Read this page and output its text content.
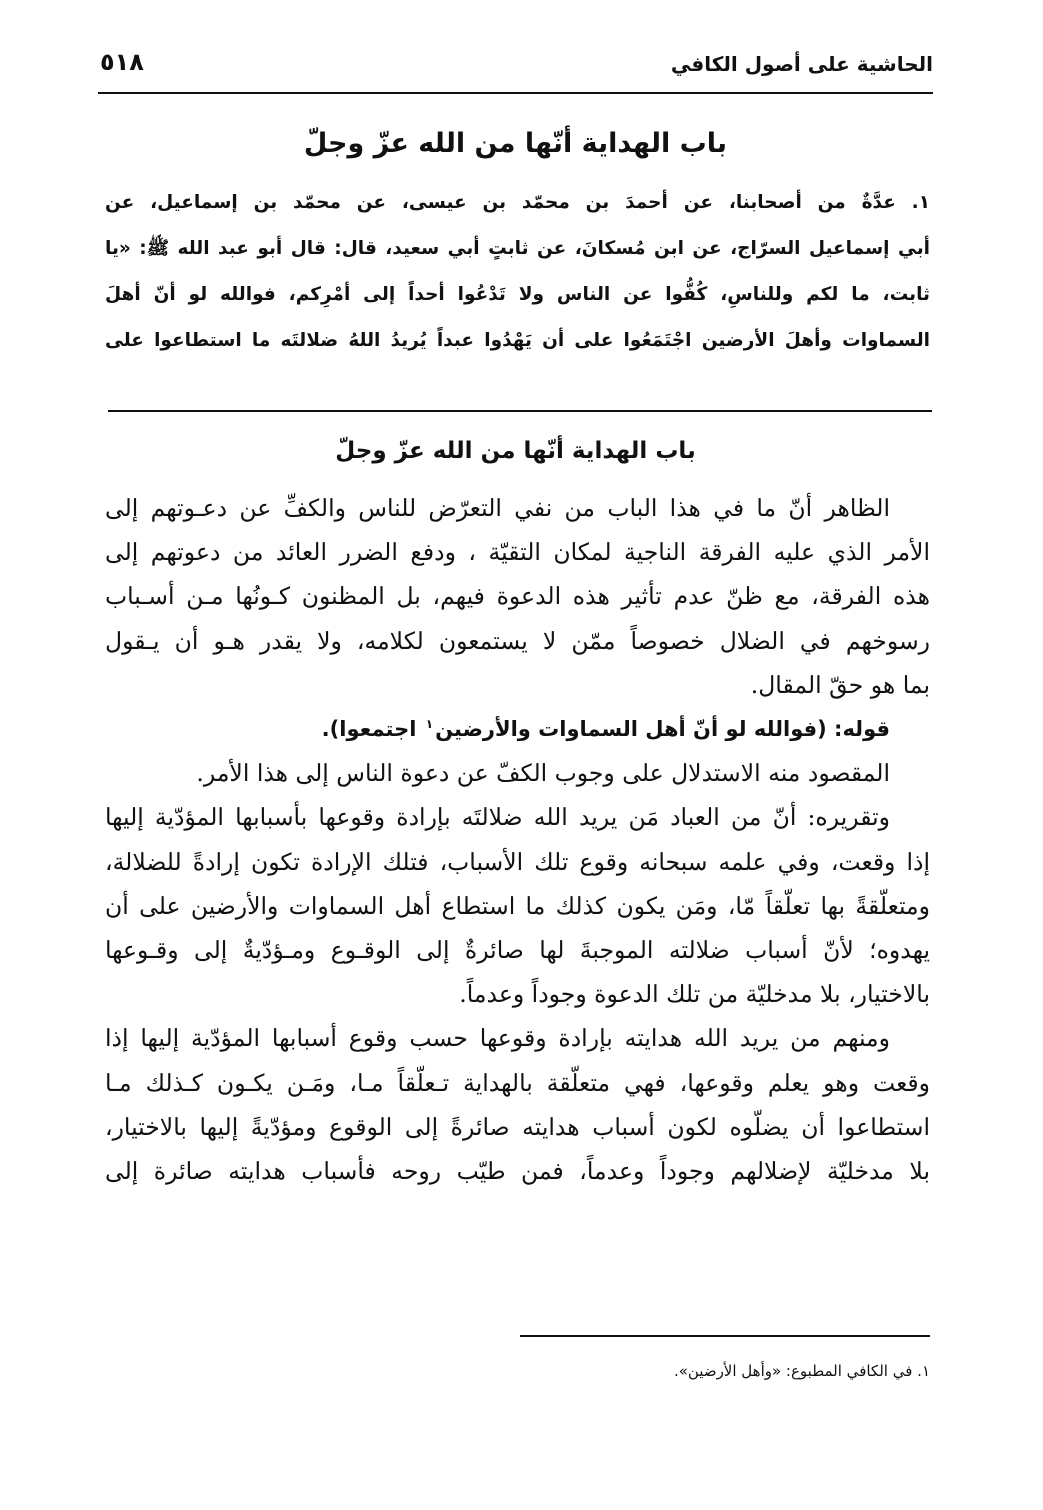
الحاشية على أصول الكافي
٥١٨
باب الهداية أنّها من الله عزّ وجلّ
١. عدَّةٌ من أصحابنا، عن أحمدَ بن محمّد بن عيسى، عن محمّد بن إسماعيل، عن
أبي إسماعيل السرّاج، عن ابن مُسكانَ، عن ثابتٍ أبي سعيد، قال: قال أبو عبد الله ﷺ: «يا
ثابت، ما لكم وللناسِ، كُفُّوا عن الناس ولا تَدْعُوا أحداً إلى أمْرِكم، فوالله لو أنّ أهلَ
السماوات وأهلَ الأرضين اجْتَمَعُوا على أن يَهْدُوا عبداً يُريدُ اللهُ ضلالتَه ما استطاعوا على
باب الهداية أنّها من الله عزّ وجلّ
الظاهر أنّ ما في هذا الباب من نفي التعرّض للناس والكفِّ عن دعـوتهم إلى
الأمر الذي عليه الفرقة الناجية لمكان التقيّة ، ودفع الضرر العائد من دعوتهم إلى
هذه الفرقة، مع ظنّ عدم تأثير هذه الدعوة فيهم، بل المظنون كـونُها مـن أسـباب
رسوخهم في الضلال خصوصاً ممّن لا يستمعون لكلامه، ولا يقدر هـو أن يـقول
بما هو حقّ المقال.
قوله: (فوالله لو أنّ أهل السماوات والأرضين$^١$ اجتمعوا).
المقصود منه الاستدلال على وجوب الكفّ عن دعوة الناس إلى هذا الأمر.
وتقريره: أنّ من العباد مَن يريد الله ضلالتَه بإرادة وقوعها بأسبابها المؤدّية إليها
إذا وقعت، وفي علمه سبحانه وقوع تلك الأسباب، فتلك الإرادة تكون إرادةً للضلالة،
ومتعلّقةً بها تعلّقاً مّا، ومَن يكون كذلك ما استطاع أهل السماوات والأرضين على أن
يهدوه؛ لأنّ أسباب ضلالته الموجبةَ لها صائرةٌ إلى الوقـوع ومـؤدّيةٌ إلى وقـوعها
بالاختيار، بلا مدخليّة من تلك الدعوة وجوداً وعدماً.
ومنهم من يريد الله هدايته بإرادة وقوعها حسب وقوع أسبابها المؤدّية إليها إذا
وقعت وهو يعلم وقوعها، فهي متعلّقة بالهداية تـعلّقاً مـا، ومَـن يكـون كـذلك مـا
استطاعوا أن يضلّوه لكون أسباب هدايته صائرةً إلى الوقوع ومؤدّيةً إليها بالاختيار،
بلا مدخليّة لإضلالهم وجوداً وعدماً، فمن طيّب روحه فأسباب هدايته صائرة إلى
١. في الكافي المطبوع: «وأهل الأرضين».
